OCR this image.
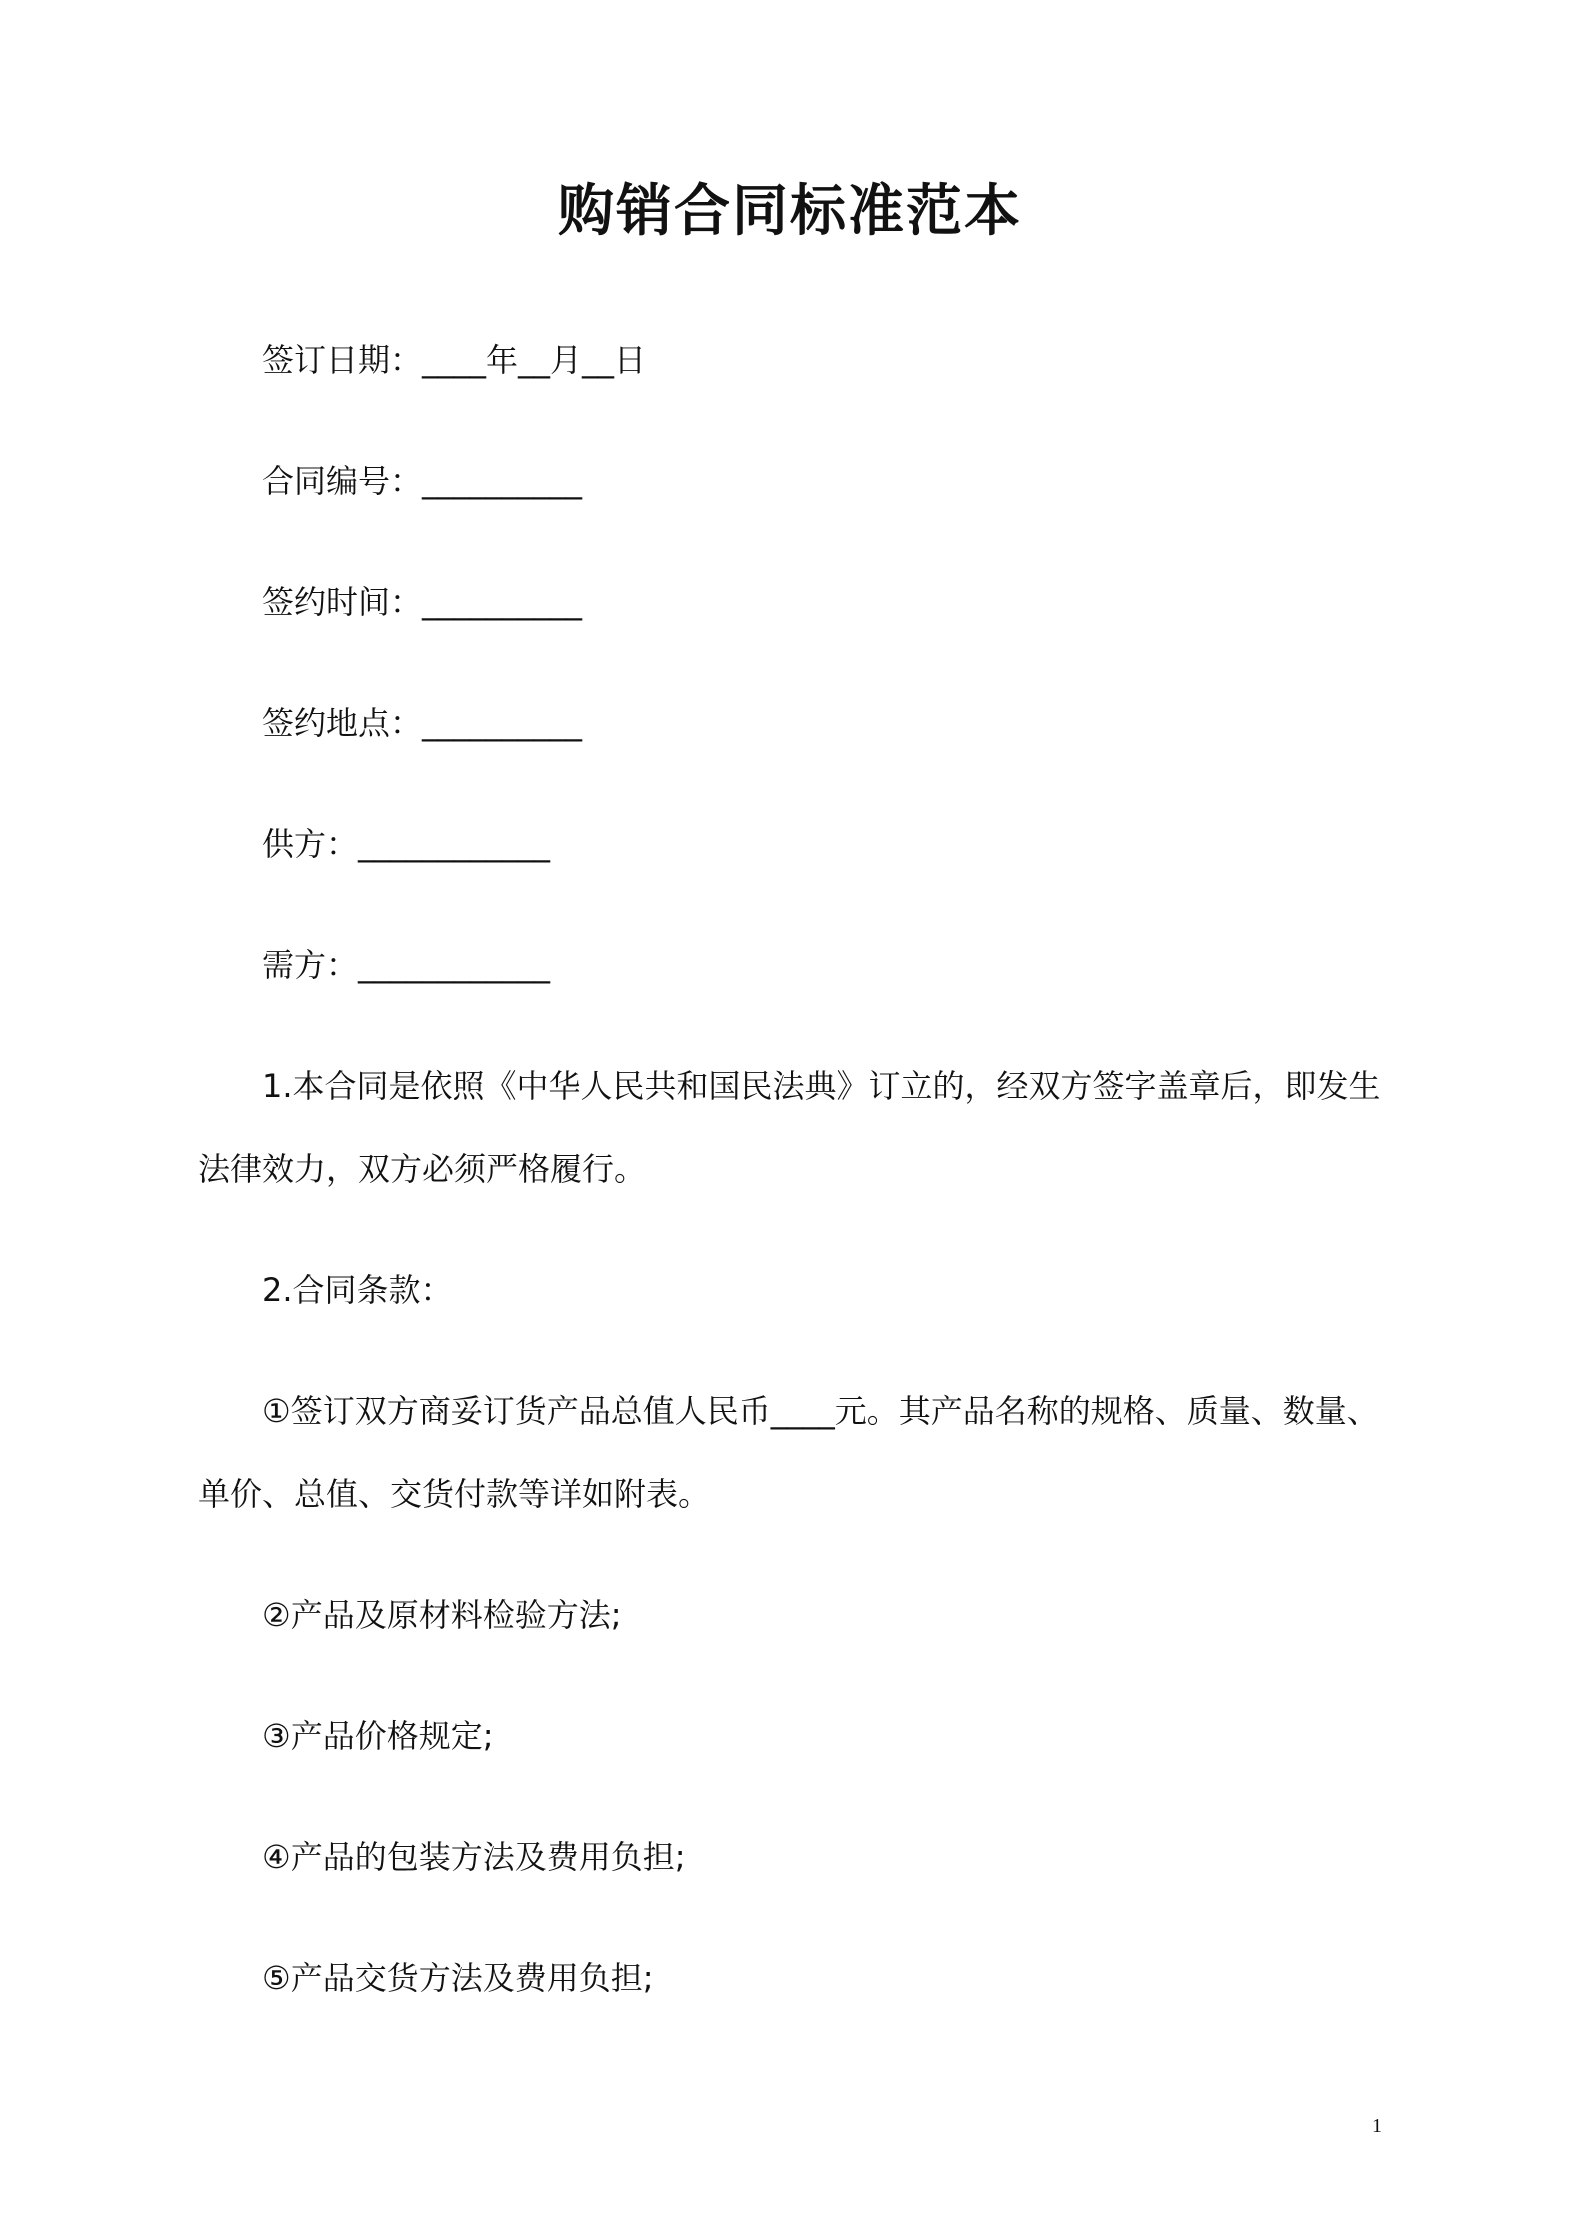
购销合同标准范本
签订日期：____年__月__日
合同编号：__________
签约时间：__________
签约地点：__________
供方：____________
需方：____________
1.本合同是依照《中华人民共和国民法典》订立的，经双方签字盖章后，即发生
法律效力，双方必须严格履行。
2.合同条款：
①签订双方商妥订货产品总值人民币____元。其产品名称的规格、质量、数量、
单价、总值、交货付款等详如附表。
②产品及原材料检验方法;
③产品价格规定;
④产品的包装方法及费用负担;
⑤产品交货方法及费用负担;
1
